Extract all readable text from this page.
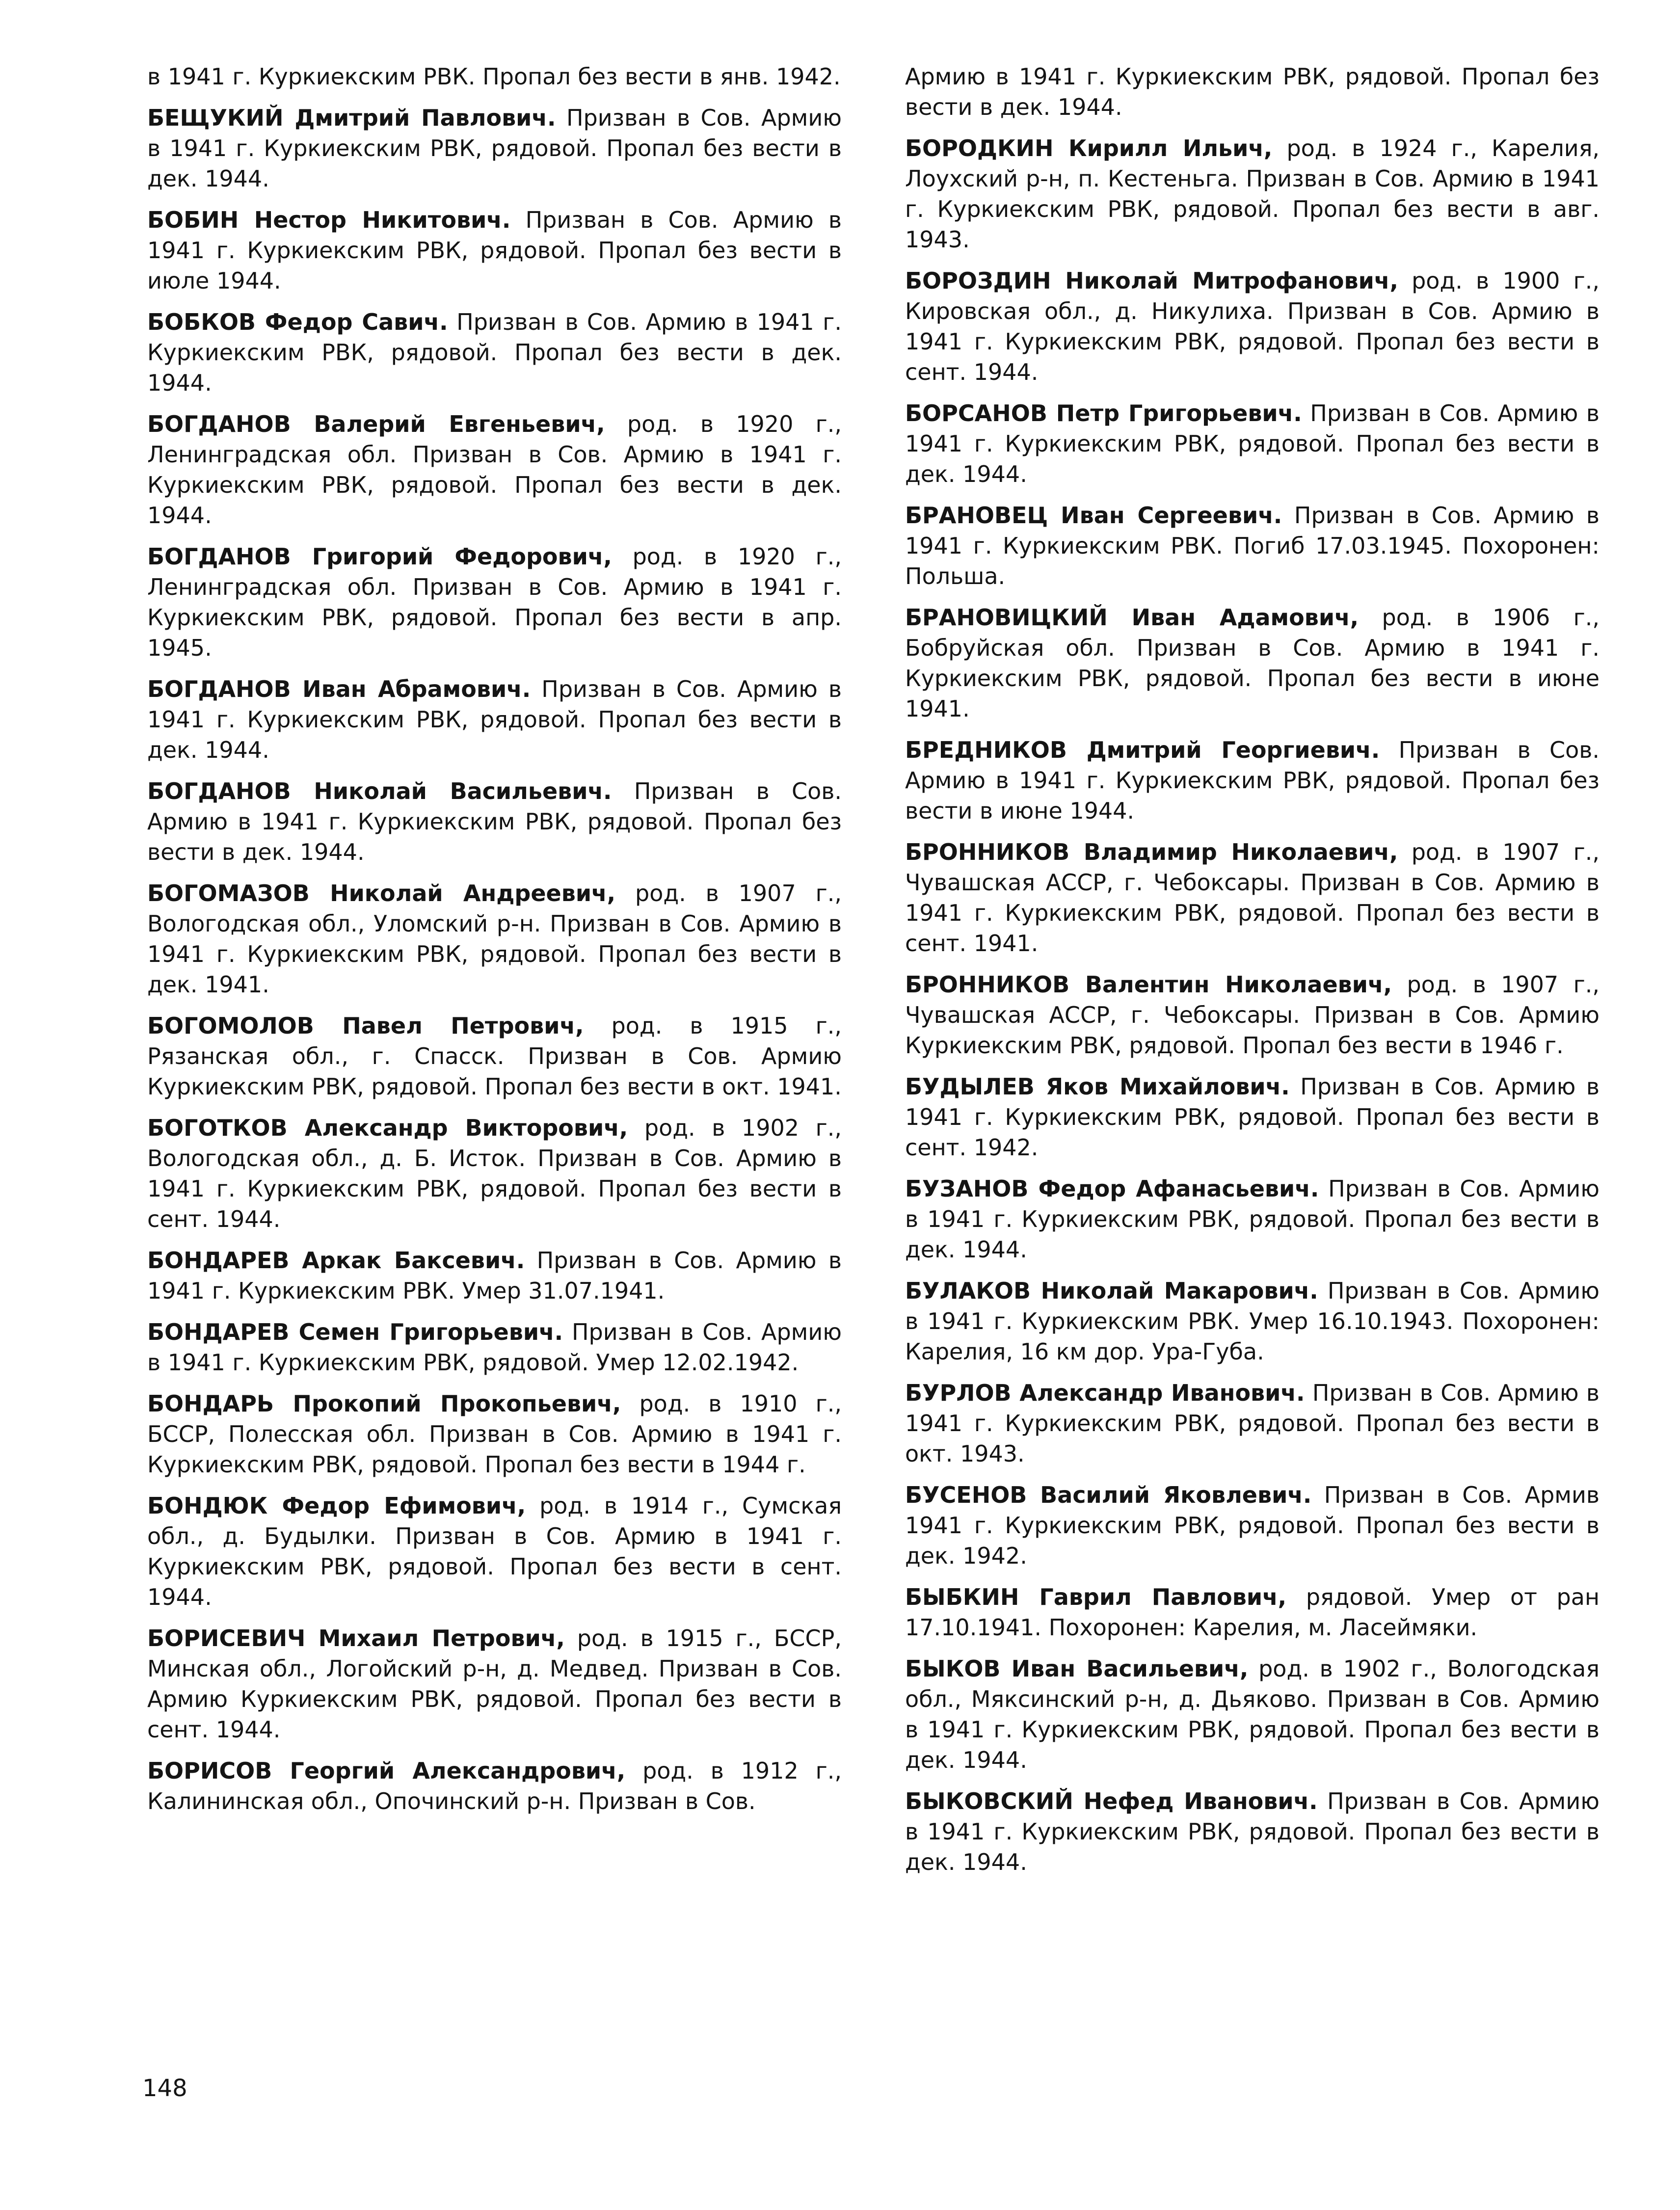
в 1941 г. Куркиекским РВК. Пропал без вести в янв. 1942.

БЕЩУКИЙ Дмитрий Павлович. Призван в Сов. Армию в 1941 г. Куркиекским РВК, рядовой. Пропал без вести в дек. 1944.

БОБИН Нестор Никитович. Призван в Сов. Армию в 1941 г. Куркиекским РВК, рядовой. Пропал без вести в июле 1944.

БОБКОВ Федор Савич. Призван в Сов. Армию в 1941 г. Куркиекским РВК, рядовой. Пропал без вести в дек. 1944.

БОГДАНОВ Валерий Евгеньевич, род. в 1920 г., Ленинградская обл. Призван в Сов. Армию в 1941 г. Куркиекским РВК, рядовой. Пропал без вести в дек. 1944.

БОГДАНОВ Григорий Федорович, род. в 1920 г., Ленинградская обл. Призван в Сов. Армию в 1941 г. Куркиекским РВК, рядовой. Пропал без вести в апр. 1945.

БОГДАНОВ Иван Абрамович. Призван в Сов. Армию в 1941 г. Куркиекским РВК, рядовой. Пропал без вести в дек. 1944.

БОГДАНОВ Николай Васильевич. Призван в Сов. Армию в 1941 г. Куркиекским РВК, рядовой. Пропал без вести в дек. 1944.

БОГОМАЗОВ Николай Андреевич, род. в 1907 г., Вологодская обл., Уломский р-н. Призван в Сов. Армию в 1941 г. Куркиекским РВК, рядовой. Пропал без вести в дек. 1941.

БОГОМОЛОВ Павел Петрович, род. в 1915 г., Рязанская обл., г. Спасск. Призван в Сов. Армию Куркиекским РВК, рядовой. Пропал без вести в окт. 1941.

БОГОТКОВ Александр Викторович, род. в 1902 г., Вологодская обл., д. Б. Исток. Призван в Сов. Армию в 1941 г. Куркиекским РВК, рядовой. Пропал без вести в сент. 1944.

БОНДАРЕВ Аркак Баксевич. Призван в Сов. Армию в 1941 г. Куркиекским РВК. Умер 31.07.1941.

БОНДАРЕВ Семен Григорьевич. Призван в Сов. Армию в 1941 г. Куркиекским РВК, рядовой. Умер 12.02.1942.

БОНДАРЬ Прокопий Прокопьевич, род. в 1910 г., БССР, Полесская обл. Призван в Сов. Армию в 1941 г. Куркиекским РВК, рядовой. Пропал без вести в 1944 г.

БОНДЮК Федор Ефимович, род. в 1914 г., Сумская обл., д. Будылки. Призван в Сов. Армию в 1941 г. Куркиекским РВК, рядовой. Пропал без вести в сент. 1944.

БОРИСЕВИЧ Михаил Петрович, род. в 1915 г., БССР, Минская обл., Логойский р-н, д. Медвед. Призван в Сов. Армию Куркиекским РВК, рядовой. Пропал без вести в сент. 1944.

БОРИСОВ Георгий Александрович, род. в 1912 г., Калининская обл., Опочинский р-н. Призван в Сов.

Армию в 1941 г. Куркиекским РВК, рядовой. Пропал без вести в дек. 1944.

БОРОДКИН Кирилл Ильич, род. в 1924 г., Карелия, Лоухский р-н, п. Кестеньга. Призван в Сов. Армию в 1941 г. Куркиекским РВК, рядовой. Пропал без вести в авг. 1943.

БОРОЗДИН Николай Митрофанович, род. в 1900 г., Кировская обл., д. Никулиха. Призван в Сов. Армию в 1941 г. Куркиекским РВК, рядовой. Пропал без вести в сент. 1944.

БОРСАНОВ Петр Григорьевич. Призван в Сов. Армию в 1941 г. Куркиекским РВК, рядовой. Пропал без вести в дек. 1944.

БРАНОВЕЦ Иван Сергеевич. Призван в Сов. Армию в 1941 г. Куркиекским РВК. Погиб 17.03.1945. Похоронен: Польша.

БРАНОВИЦКИЙ Иван Адамович, род. в 1906 г., Бобруйская обл. Призван в Сов. Армию в 1941 г. Куркиекским РВК, рядовой. Пропал без вести в июне 1941.

БРЕДНИКОВ Дмитрий Георгиевич. Призван в Сов. Армию в 1941 г. Куркиекским РВК, рядовой. Пропал без вести в июне 1944.

БРОННИКОВ Владимир Николаевич, род. в 1907 г., Чувашская АССР, г. Чебоксары. Призван в Сов. Армию в 1941 г. Куркиекским РВК, рядовой. Пропал без вести в сент. 1941.

БРОННИКОВ Валентин Николаевич, род. в 1907 г., Чувашская АССР, г. Чебоксары. Призван в Сов. Армию Куркиекским РВК, рядовой. Пропал без вести в 1946 г.

БУДЫЛЕВ Яков Михайлович. Призван в Сов. Армию в 1941 г. Куркиекским РВК, рядовой. Пропал без вести в сент. 1942.

БУЗАНОВ Федор Афанасьевич. Призван в Сов. Армию в 1941 г. Куркиекским РВК, рядовой. Пропал без вести в дек. 1944.

БУЛАКОВ Николай Макарович. Призван в Сов. Армию в 1941 г. Куркиекским РВК. Умер 16.10.1943. Похоронен: Карелия, 16 км дор. Ура-Губа.

БУРЛОВ Александр Иванович. Призван в Сов. Армию в 1941 г. Куркиекским РВК, рядовой. Пропал без вести в окт. 1943.

БУСЕНОВ Василий Яковлевич. Призван в Сов. Армив 1941 г. Куркиекским РВК, рядовой. Пропал без вести в дек. 1942.

БЫБКИН Гаврил Павлович, рядовой. Умер от ран 17.10.1941. Похоронен: Карелия, м. Ласеймяки.

БЫКОВ Иван Васильевич, род. в 1902 г., Вологодская обл., Мяксинский р-н, д. Дьяково. Призван в Сов. Армию в 1941 г. Куркиекским РВК, рядовой. Пропал без вести в дек. 1944.

БЫКОВСКИЙ Нефед Иванович. Призван в Сов. Армию в 1941 г. Куркиекским РВК, рядовой. Пропал без вести в дек. 1944.

148
